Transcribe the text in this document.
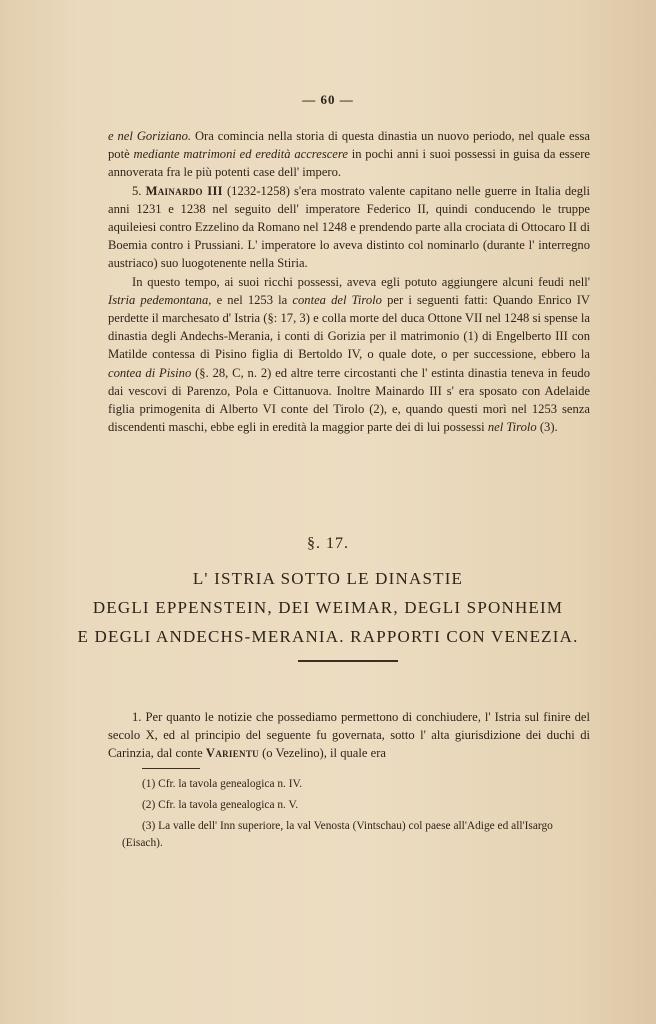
— 60 —

e nel Goriziano. Ora comincia nella storia di questa dinastia un nuovo periodo, nel quale essa potè mediante matrimoni ed eredità accrescere in pochi anni i suoi possessi in guisa da essere annoverata fra le più potenti case dell' impero.

5. Mainardo III (1232-1258) s'era mostrato valente capitano nelle guerre in Italia degli anni 1231 e 1238 nel seguito dell' imperatore Federico II, quindi conducendo le truppe aquileiesi contro Ezzelino da Romano nel 1248 e prendendo parte alla crociata di Ottocaro II di Boemia contro i Prussiani. L' imperatore lo aveva distinto col nominarlo (durante l' interregno austriaco) suo luogotenente nella Stiria.

In questo tempo, ai suoi ricchi possessi, aveva egli potuto aggiungere alcuni feudi nell' Istria pedemontana, e nel 1253 la contea del Tirolo per i seguenti fatti: Quando Enrico IV perdette il marchesato d' Istria (§: 17, 3) e colla morte del duca Ottone VII nel 1248 si spense la dinastia degli Andechs-Merania, i conti di Gorizia per il matrimonio (1) di Engelberto III con Matilde contessa di Pisino figlia di Bertoldo IV, o quale dote, o per successione, ebbero la contea di Pisino (§. 28, C, n. 2) ed altre terre circostanti che l' estinta dinastia teneva in feudo dai vescovi di Parenzo, Pola e Cittanuova. Inoltre Mainardo III s' era sposato con Adelaide figlia primogenita di Alberto VI conte del Tirolo (2), e, quando questi morì nel 1253 senza discendenti maschi, ebbe egli in eredità la maggior parte dei di lui possessi nel Tirolo (3).

§. 17.
L' ISTRIA SOTTO LE DINASTIE
DEGLI EPPENSTEIN, DEI WEIMAR, DEGLI SPONHEIM
E DEGLI ANDECHS-MERANIA. RAPPORTI CON VENEZIA.

1. Per quanto le notizie che possediamo permettono di conchiudere, l' Istria sul finire del secolo X, ed al principio del seguente fu governata, sotto l' alta giurisdizione dei duchi di Carinzia, dal conte Varientu (o Vezelino), il quale era

(1) Cfr. la tavola genealogica n. IV.

(2) Cfr. la tavola genealogica n. V.

(3) La valle dell' Inn superiore, la val Venosta (Vintschau) col paese all'Adige ed all'Isargo (Eisach).
